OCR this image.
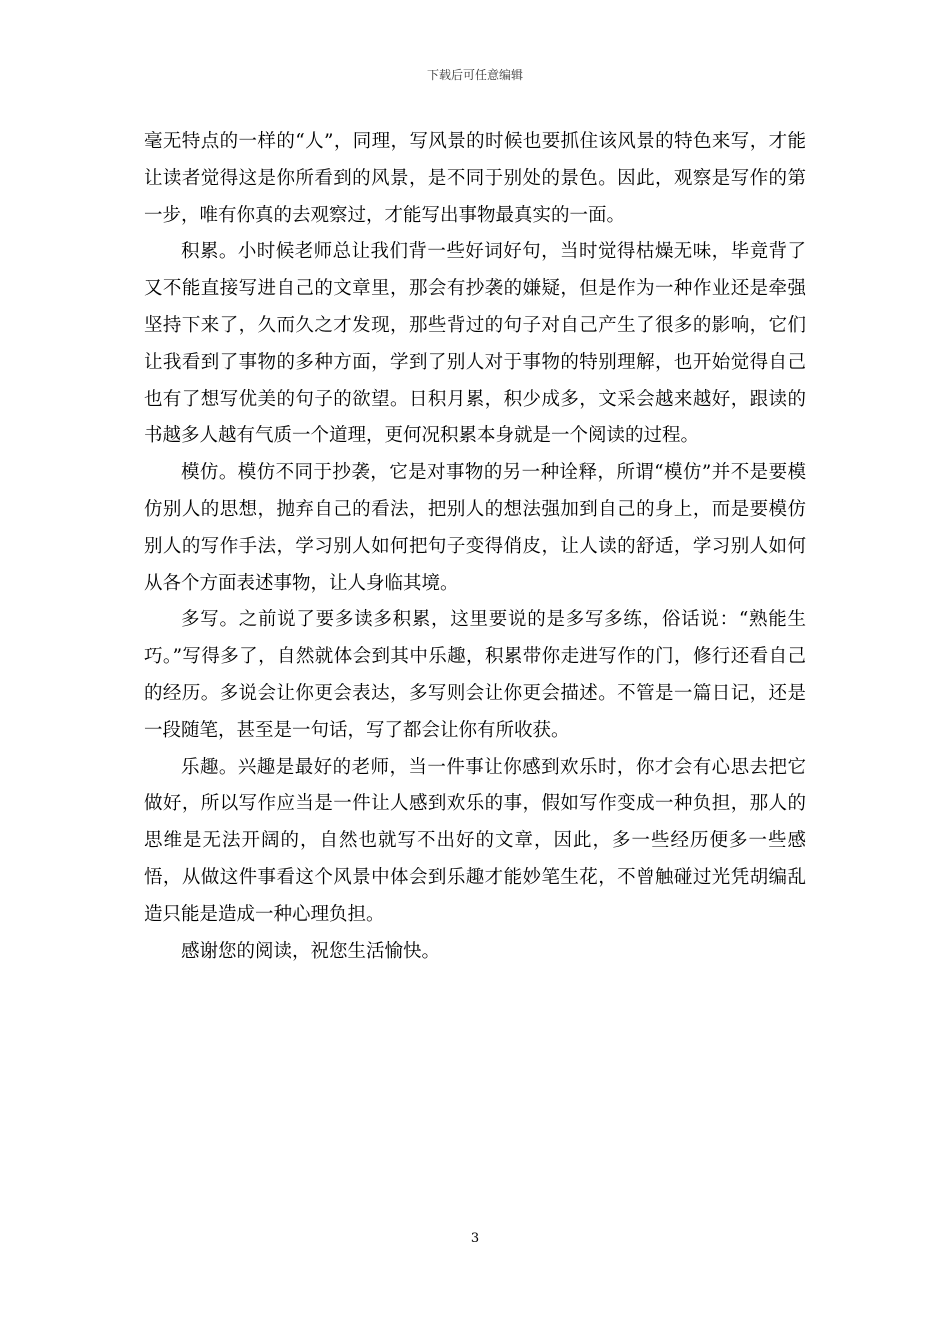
下载后可任意编辑

毫无特点的一样的“人”，同理，写风景的时候也要抓住该风景的特色来写，才能让读者觉得这是你所看到的风景，是不同于别处的景色。因此，观察是写作的第一步，唯有你真的去观察过，才能写出事物最真实的一面。

积累。小时候老师总让我们背一些好词好句，当时觉得枯燥无味，毕竟背了又不能直接写进自己的文章里，那会有抄袭的嫌疑，但是作为一种作业还是牵强坚持下来了，久而久之才发现，那些背过的句子对自己产生了很多的影响，它们让我看到了事物的多种方面，学到了别人对于事物的特别理解，也开始觉得自己也有了想写优美的句子的欲望。日积月累，积少成多，文采会越来越好，跟读的书越多人越有气质一个道理，更何况积累本身就是一个阅读的过程。

模仿。模仿不同于抄袭，它是对事物的另一种诠释，所谓“模仿”并不是要模仿别人的思想，抛弃自己的看法，把别人的想法强加到自己的身上，而是要模仿别人的写作手法，学习别人如何把句子变得俏皮，让人读的舒适，学习别人如何从各个方面表述事物，让人身临其境。

多写。之前说了要多读多积累，这里要说的是多写多练，俗话说：“熟能生巧。”写得多了，自然就体会到其中乐趣，积累带你走进写作的门，修行还看自己的经历。多说会让你更会表达，多写则会让你更会描述。不管是一篇日记，还是一段随笔，甚至是一句话，写了都会让你有所收获。

乐趣。兴趣是最好的老师，当一件事让你感到欢乐时，你才会有心思去把它做好，所以写作应当是一件让人感到欢乐的事，假如写作变成一种负担，那人的思维是无法开阔的，自然也就写不出好的文章，因此，多一些经历便多一些感悟，从做这件事看这个风景中体会到乐趣才能妙笔生花，不曾触碰过光凭胡编乱造只能是造成一种心理负担。

感谢您的阅读，祝您生活愉快。

3
